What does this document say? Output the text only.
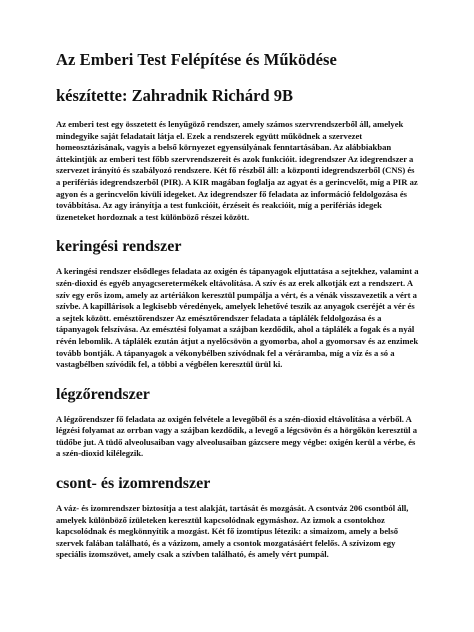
Az Emberi Test Felépítése és Működése
készítette: Zahradnik Richárd 9B

Az emberi test egy összetett és lenyűgöző rendszer, amely számos szervrendszerből áll, amelyek mindegyike saját feladatait látja el. Ezek a rendszerek együtt működnek a szervezet homeosztázisának, vagyis a belső környezet egyensúlyának fenntartásában. Az alábbiakban áttekintjük az emberi test főbb szervrendszereit és azok funkcióit. idegrendszer Az idegrendszer a szervezet irányító és szabályozó rendszere. Két fő részből áll: a központi idegrendszerből (CNS) és a perifériás idegrendszerből (PIR). A KIR magában foglalja az agyat és a gerincvelőt, míg a PIR az agyon és a gerincvelőn kívüli idegeket. Az idegrendszer fő feladata az információ feldolgozása és továbbítása. Az agy irányítja a test funkcióit, érzéseit és reakcióit, míg a perifériás idegek üzeneteket hordoznak a test különböző részei között.

keringési rendszer

A keringési rendszer elsődleges feladata az oxigén és tápanyagok eljuttatása a sejtekhez, valamint a szén-dioxid és egyéb anyagcseretermékek eltávolítása. A szív és az erek alkotják ezt a rendszert. A szív egy erős izom, amely az artériákon keresztül pumpálja a vért, és a vénák visszavezetik a vért a szívbe. A kapillárisok a legkisebb véredények, amelyek lehetővé teszik az anyagok cseréjét a vér és a sejtek között. emésztőrendszer Az emésztőrendszer feladata a táplálék feldolgozása és a tápanyagok felszívása. Az emésztési folyamat a szájban kezdődik, ahol a táplálék a fogak és a nyál révén lebomlik. A táplálék ezután átjut a nyelőcsövön a gyomorba, ahol a gyomorsav és az enzimek tovább bontják. A tápanyagok a vékonybélben szívódnak fel a véráramba, míg a víz és a só a vastagbélben szívódik fel, a többi a végbélen keresztül ürül ki.

légzőrendszer

A légzőrendszer fő feladata az oxigén felvétele a levegőből és a szén-dioxid eltávolítása a vérből. A légzési folyamat az orrban vagy a szájban kezdődik, a levegő a légcsövön és a hörgőkön keresztül a tüdőbe jut. A tüdő alveolusaiban vagy alveolusaiban gázcsere megy végbe: oxigén kerül a vérbe, és a szén-dioxid kilélegzik.

csont- és izomrendszer

A váz- és izomrendszer biztosítja a test alakját, tartását és mozgását. A csontváz 206 csontból áll, amelyek különböző ízületeken keresztül kapcsolódnak egymáshoz. Az izmok a csontokhoz kapcsolódnak és megkönnyítik a mozgást. Két fő izomtípus létezik: a simaizom, amely a belső szervek falában található, és a vázizom, amely a csontok mozgatásáért felelős. A szívizom egy speciális izomszövet, amely csak a szívben található, és amely vért pumpál.
